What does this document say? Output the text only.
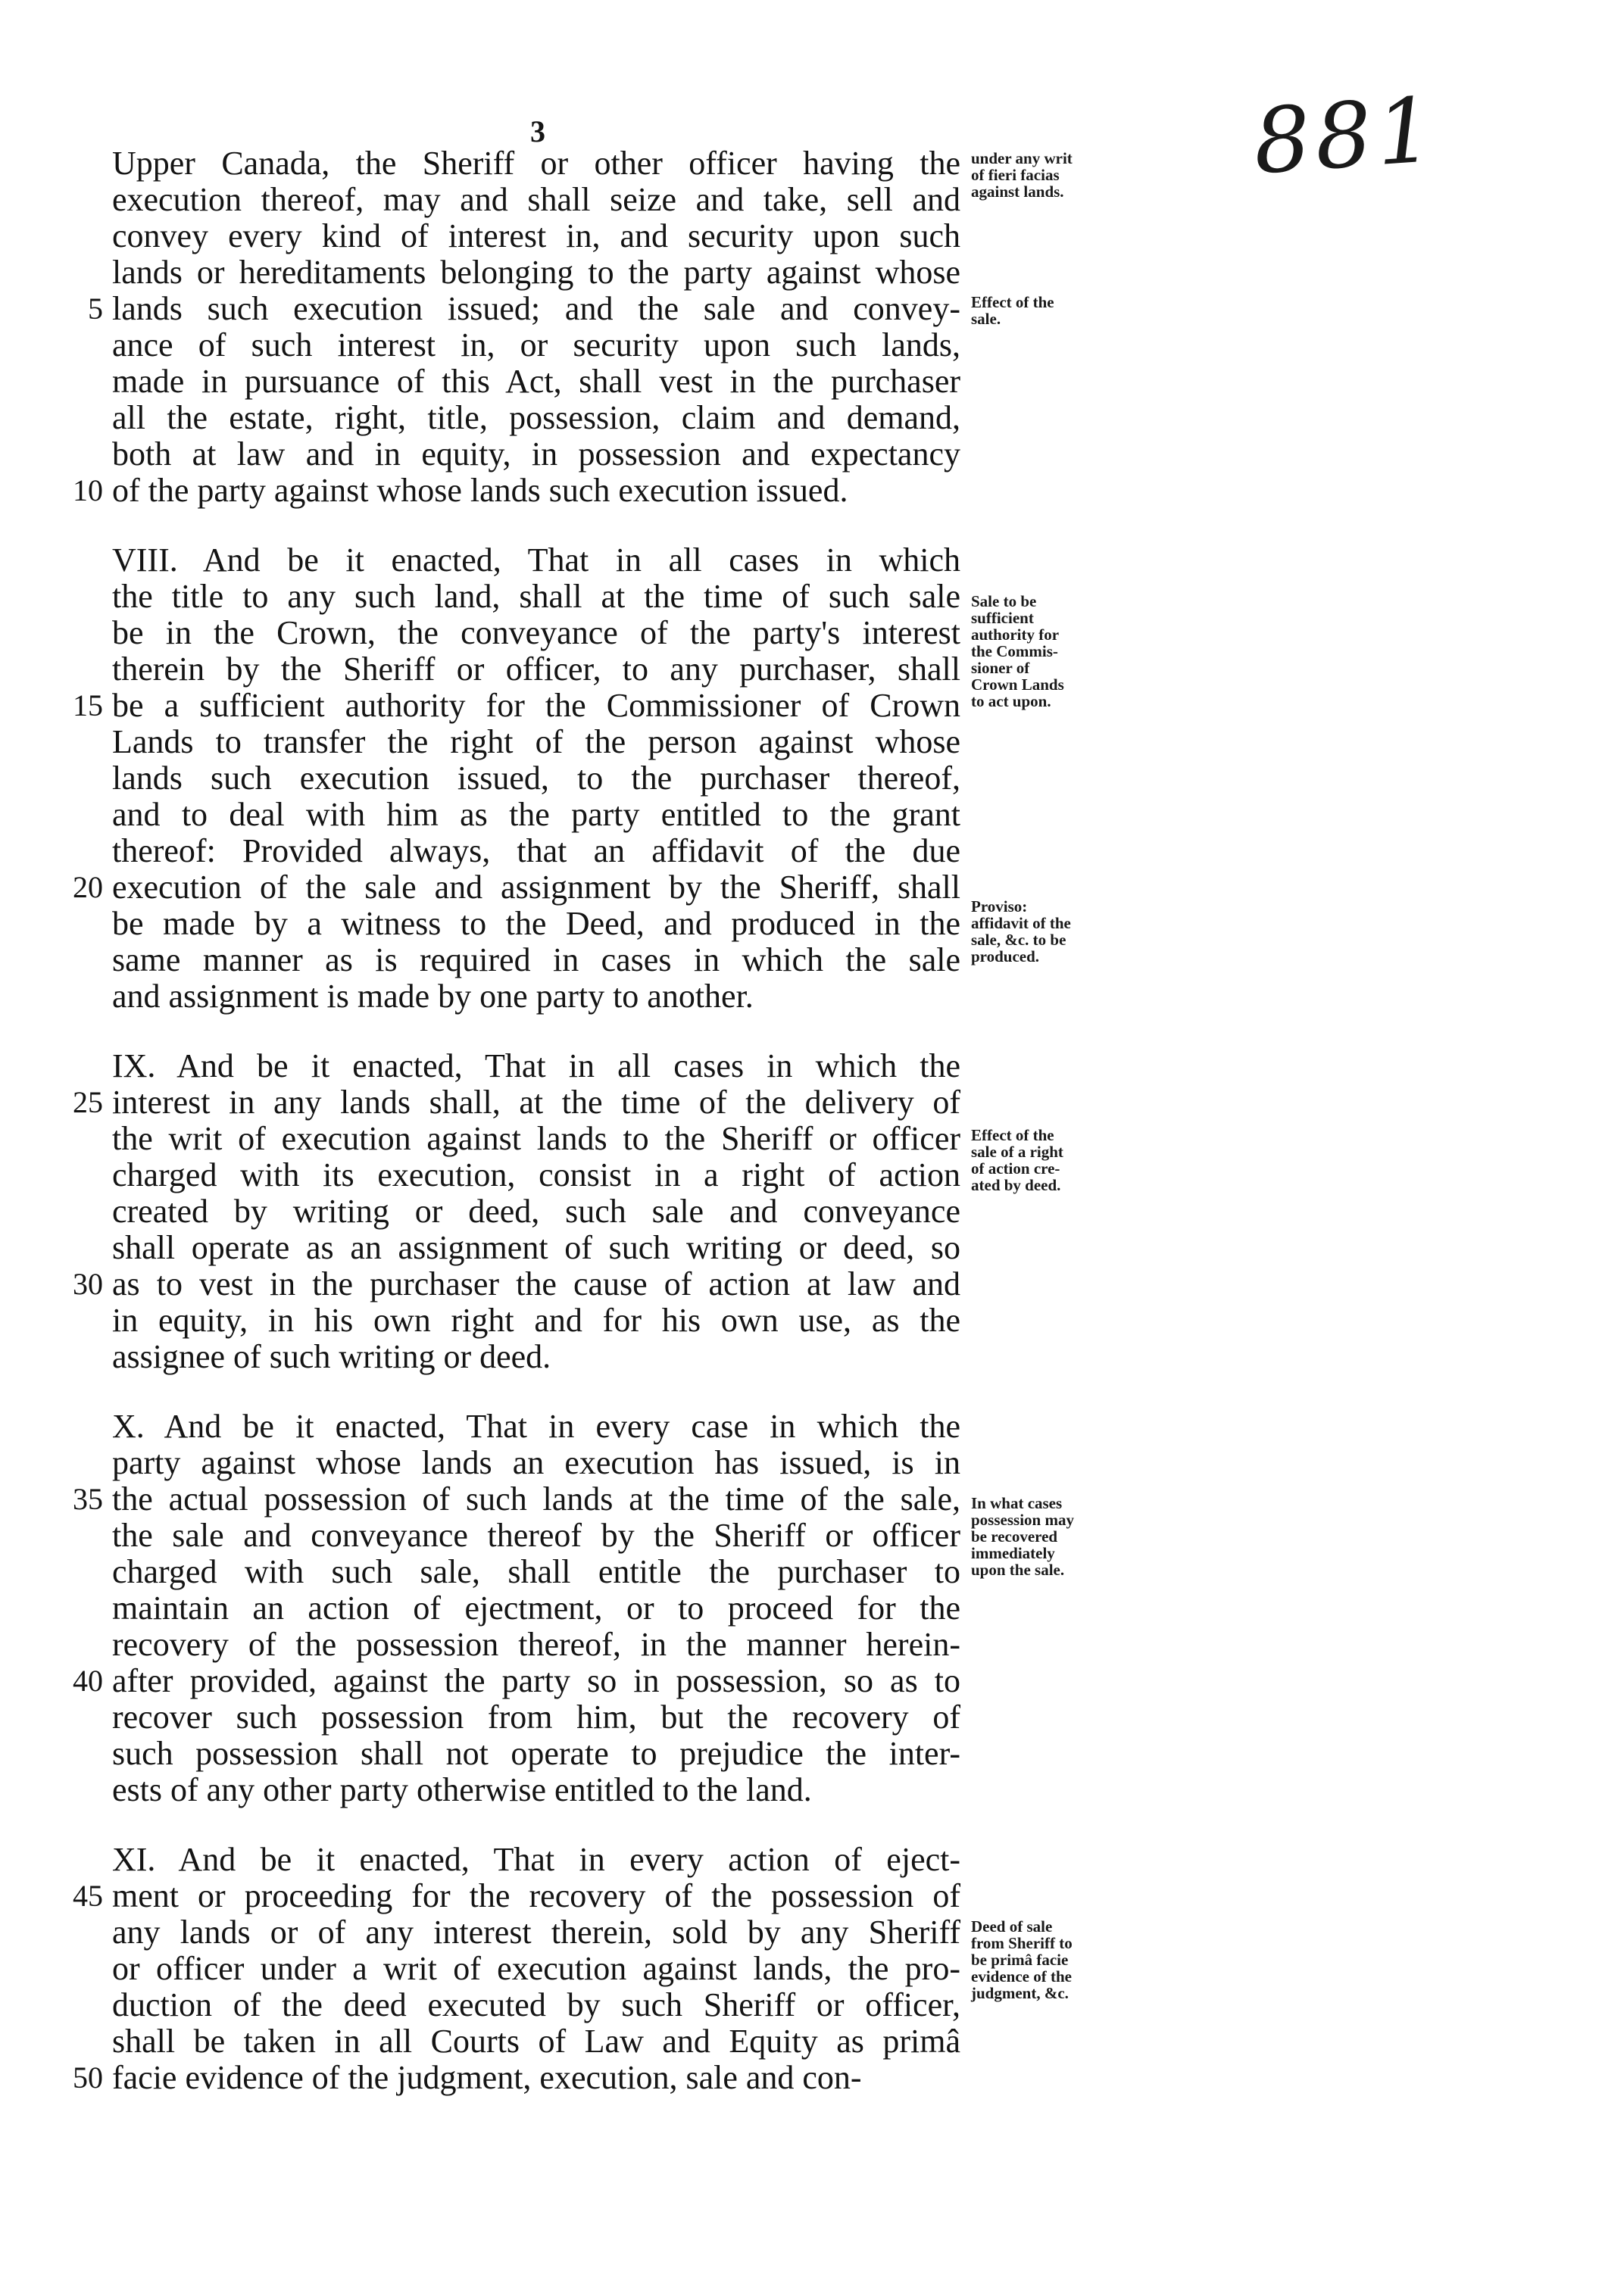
3	881
Upper Canada, the Sheriff or other officer having the
execution thereof, may and shall seize and take, sell and
convey every kind of interest in, and security upon such
lands or hereditaments belonging to the party against whose
5 lands such execution issued; and the sale and convey-
ance of such interest in, or security upon such lands,
made in pursuance of this Act, shall vest in the purchaser
all the estate, right, title, possession, claim and demand,
both at law and in equity, in possession and expectancy
10 of the party against whose lands such execution issued.
VIII. And be it enacted, That in all cases in which
the title to any such land, shall at the time of such sale
be in the Crown, the conveyance of the party's interest
therein by the Sheriff or officer, to any purchaser, shall
15 be a sufficient authority for the Commissioner of Crown
Lands to transfer the right of the person against whose
lands such execution issued, to the purchaser thereof,
and to deal with him as the party entitled to the grant
thereof: Provided always, that an affidavit of the due
20 execution of the sale and assignment by the Sheriff, shall
be made by a witness to the Deed, and produced in the
same manner as is required in cases in which the sale
and assignment is made by one party to another.
IX. And be it enacted, That in all cases in which the
25 interest in any lands shall, at the time of the delivery of
the writ of execution against lands to the Sheriff or officer
charged with its execution, consist in a right of action
created by writing or deed, such sale and conveyance
shall operate as an assignment of such writing or deed, so
30 as to vest in the purchaser the cause of action at law and
in equity, in his own right and for his own use, as the
assignee of such writing or deed.
X. And be it enacted, That in every case in which the
party against whose lands an execution has issued, is in
35 the actual possession of such lands at the time of the sale,
the sale and conveyance thereof by the Sheriff or officer
charged with such sale, shall entitle the purchaser to
maintain an action of ejectment, or to proceed for the
recovery of the possession thereof, in the manner herein-
40 after provided, against the party so in possession, so as to
recover such possession from him, but the recovery of
such possession shall not operate to prejudice the inter-
ests of any other party otherwise entitled to the land.
XI. And be it enacted, That in every action of eject-
45 ment or proceeding for the recovery of the possession of
any lands or of any interest therein, sold by any Sheriff
or officer under a writ of execution against lands, the pro-
duction of the deed executed by such Sheriff or officer,
shall be taken in all Courts of Law and Equity as primâ
50 facie evidence of the judgment, execution, sale and con-
under any writ
of fieri facias
against lands.
Effect of the
sale.
Sale to be
sufficient
authority for
the Commis-
sioner of
Crown Lands
to act upon.
Proviso:
affidavit of the
sale, &c. to be
produced.
Effect of the
sale of a right
of action cre-
ated by deed.
In what cases
possession may
be recovered
immediately
upon the sale.
Deed of sale
from Sheriff to
be primâ facie
evidence of the
judgment, &c.
